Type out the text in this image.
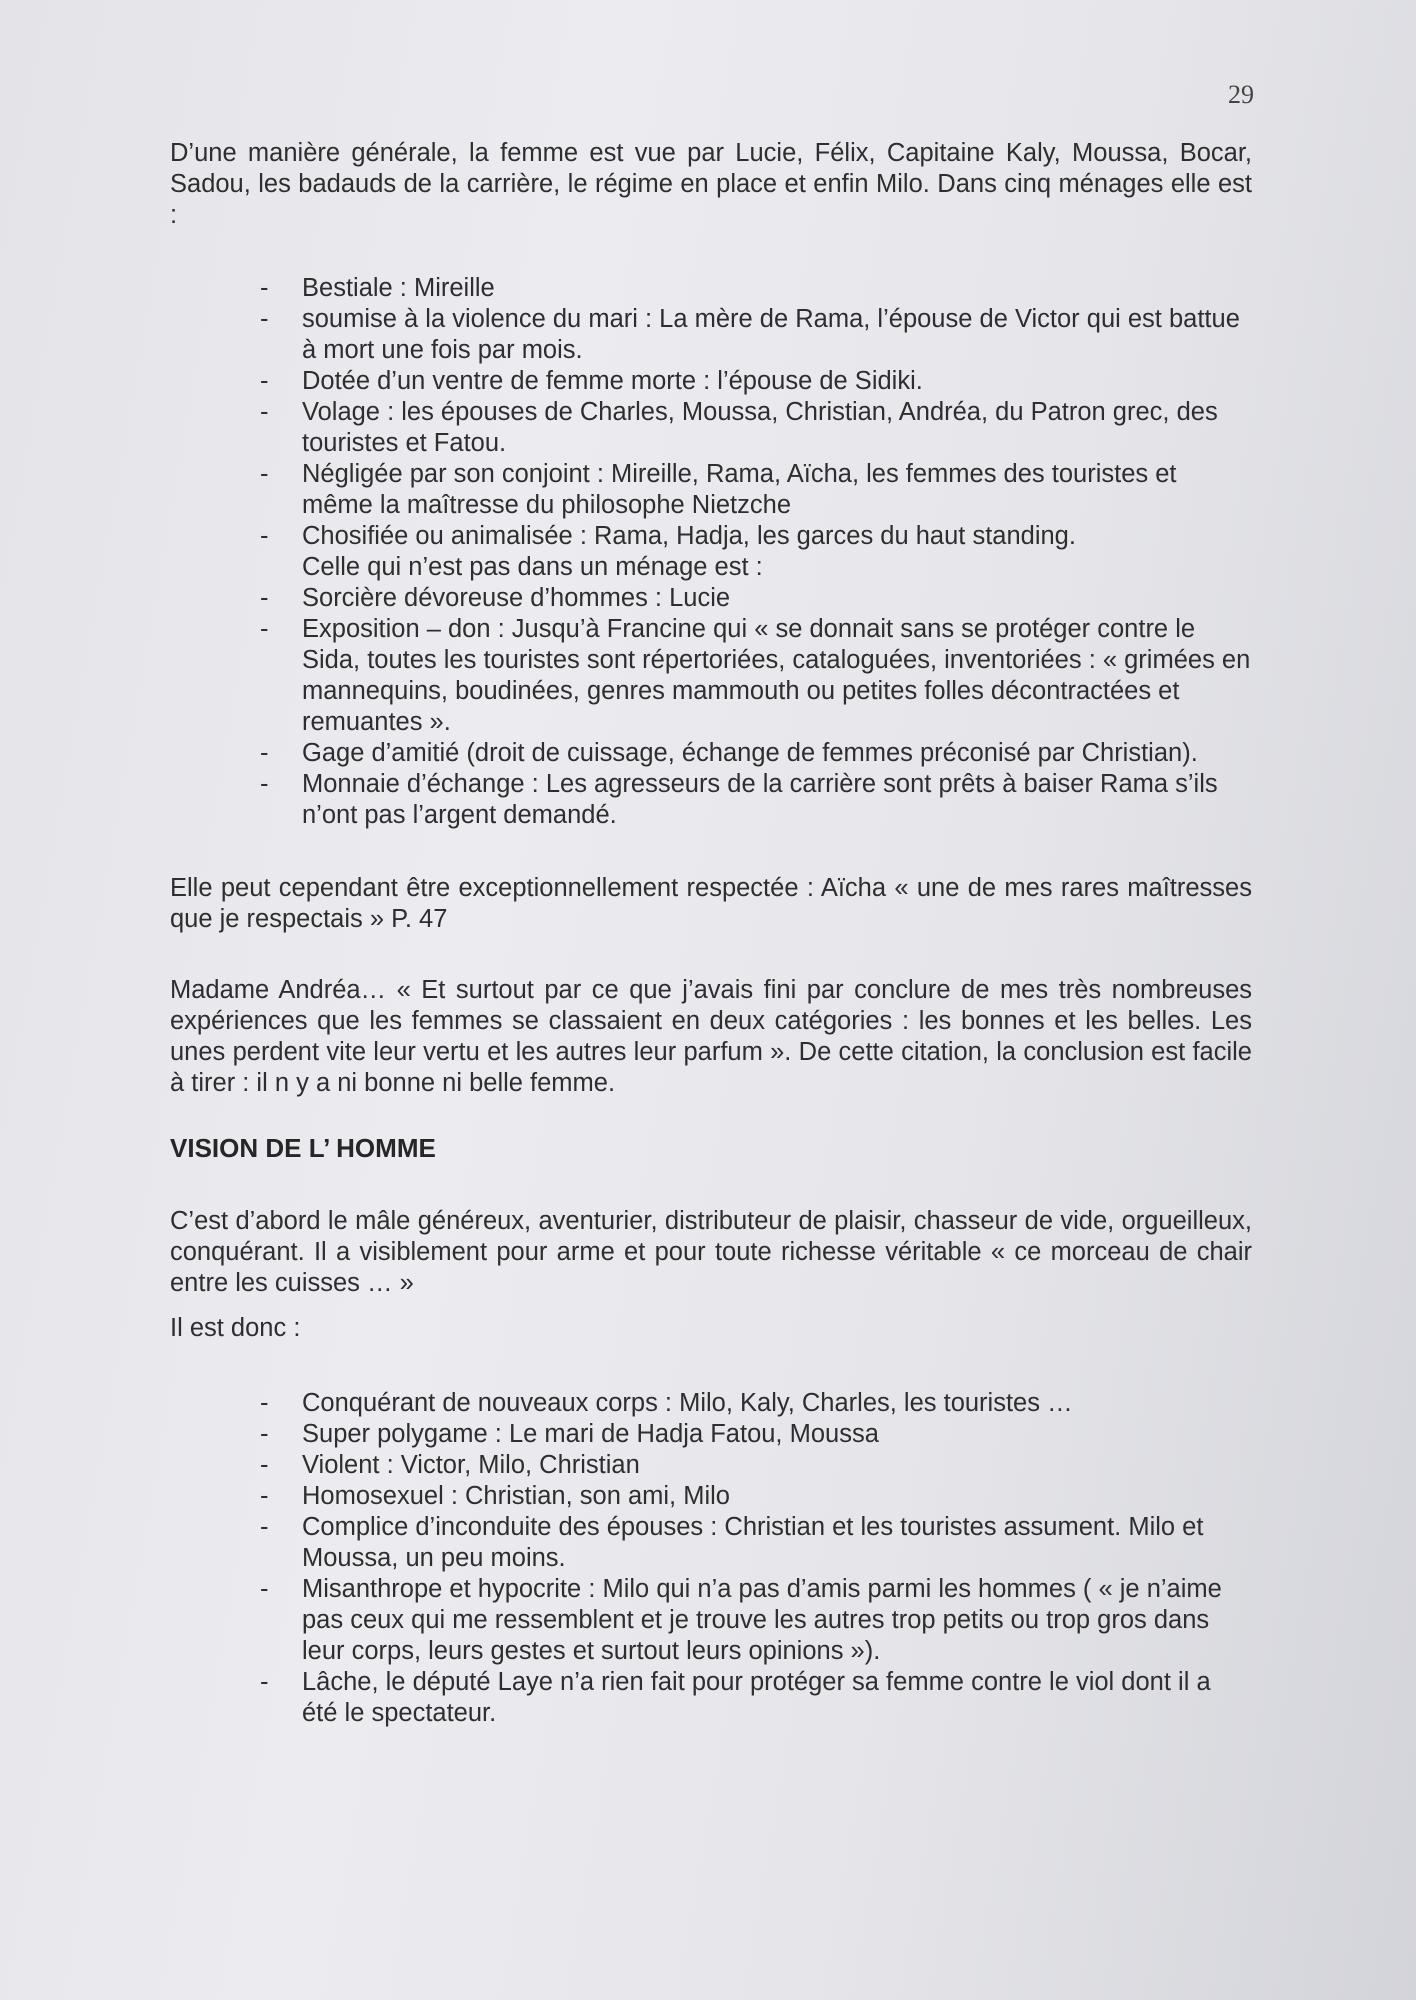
29

D’une manière générale, la femme est vue par Lucie, Félix, Capitaine Kaly, Moussa, Bocar, Sadou, les badauds de la carrière, le régime en place et enfin Milo. Dans cinq ménages elle est :

- Bestiale : Mireille
- soumise à la violence du mari : La mère de Rama, l’épouse de Victor qui est battue à mort une fois par mois.
- Dotée d’un ventre de femme morte : l’épouse de Sidiki.
- Volage : les épouses de Charles, Moussa, Christian, Andréa, du Patron grec, des touristes et Fatou.
- Négligée par son conjoint : Mireille, Rama, Aïcha, les femmes des touristes et même la maîtresse du philosophe Nietzche
- Chosifiée ou animalisée : Rama, Hadja, les garces du haut standing.
Celle qui n’est pas dans un ménage est :
- Sorcière dévoreuse d’hommes : Lucie
- Exposition – don : Jusqu’à Francine qui « se donnait sans se protéger contre le Sida, toutes les touristes sont répertoriées, cataloguées, inventoriées : « grimées en mannequins, boudinées, genres mammouth ou petites folles décontractées et remuantes ».
- Gage d’amitié (droit de cuissage, échange de femmes préconisé par Christian).
- Monnaie d’échange : Les agresseurs de la carrière sont prêts à baiser Rama s’ils n’ont pas l’argent demandé.

Elle peut cependant être exceptionnellement respectée : Aïcha « une de mes rares maîtresses que je respectais » P. 47

Madame Andréa… « Et surtout par ce que j’avais fini par conclure de mes très nombreuses expériences que les femmes se classaient en deux catégories : les bonnes et les belles. Les unes perdent vite leur vertu et les autres leur parfum ». De cette citation, la conclusion est facile à tirer : il n y a ni bonne ni belle femme.

VISION DE L’ HOMME

C’est d’abord le mâle généreux, aventurier, distributeur de plaisir, chasseur de vide, orgueilleux, conquérant. Il a visiblement pour arme et pour toute richesse véritable « ce morceau de chair entre les cuisses … »

Il est donc :

- Conquérant de nouveaux corps : Milo, Kaly, Charles, les touristes …
- Super polygame : Le mari de Hadja Fatou, Moussa
- Violent : Victor, Milo, Christian
- Homosexuel : Christian, son ami, Milo
- Complice d’inconduite des épouses : Christian et les touristes assument. Milo et Moussa, un peu moins.
- Misanthrope et hypocrite : Milo qui n’a pas d’amis parmi les hommes ( « je n’aime pas ceux qui me ressemblent et je trouve les autres trop petits ou trop gros dans leur corps, leurs gestes et surtout leurs opinions »).
- Lâche, le député Laye n’a rien fait pour protéger sa femme contre le viol dont il a été le spectateur.
